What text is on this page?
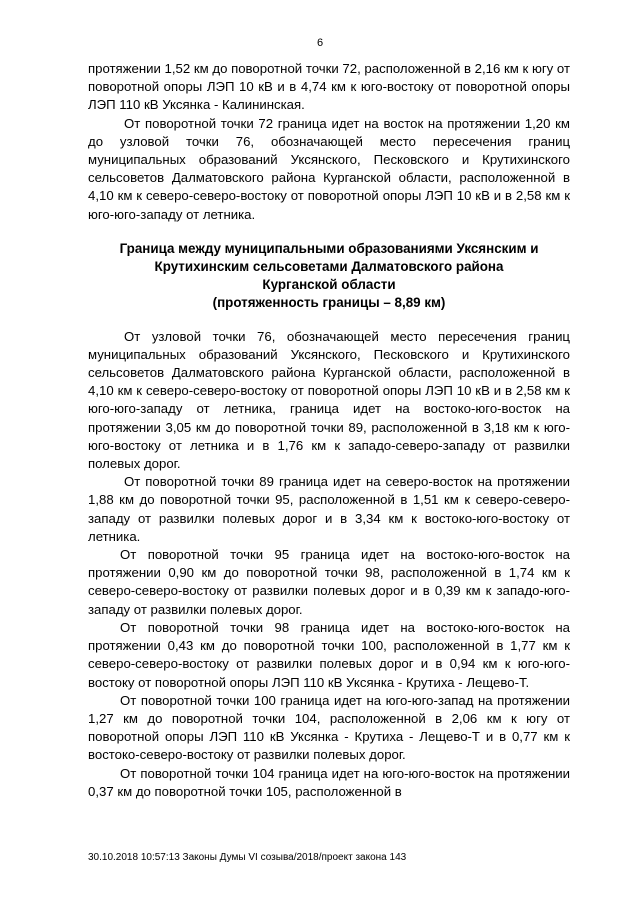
6

протяжении 1,52 км до поворотной точки 72, расположенной в 2,16 км к югу от поворотной опоры ЛЭП 10 кВ и в 4,74 км к юго-востоку от поворотной опоры ЛЭП 110 кВ Уксянка - Калининская.

От поворотной точки 72 граница идет на восток на протяжении 1,20 км до узловой точки 76, обозначающей место пересечения границ муниципальных образований Уксянского, Песковского и Крутихинского сельсоветов Далматовского района Курганской области, расположенной в 4,10 км к северо-северо-востоку от поворотной опоры ЛЭП 10 кВ и в 2,58 км к юго-юго-западу от летника.

Граница между муниципальными образованиями Уксянским и
Крутихинским сельсоветами Далматовского района
Курганской области
(протяженность границы – 8,89 км)

От узловой точки 76, обозначающей место пересечения границ муниципальных образований Уксянского, Песковского и Крутихинского сельсоветов Далматовского района Курганской области, расположенной в 4,10 км к северо-северо-востоку от поворотной опоры ЛЭП 10 кВ и в 2,58 км к юго-юго-западу от летника, граница идет на востоко-юго-восток на протяжении 3,05 км до поворотной точки 89, расположенной в 3,18 км к юго-юго-востоку от летника и в 1,76 км к западо-северо-западу от развилки полевых дорог.

От поворотной точки 89 граница идет на северо-восток на протяжении 1,88 км до поворотной точки 95, расположенной в 1,51 км к северо-северо-западу от развилки полевых дорог и в 3,34 км к востоко-юго-востоку от летника.

От поворотной точки 95 граница идет на востоко-юго-восток на протяжении 0,90 км до поворотной точки 98, расположенной в 1,74 км к северо-северо-востоку от развилки полевых дорог и в 0,39 км к западо-юго-западу от развилки полевых дорог.

От поворотной точки 98 граница идет на востоко-юго-восток на протяжении 0,43 км до поворотной точки 100, расположенной в 1,77 км к северо-северо-востоку от развилки полевых дорог и в 0,94 км к юго-юго-востоку от поворотной опоры ЛЭП 110 кВ Уксянка - Крутиха - Лещево-Т.

От поворотной точки 100 граница идет на юго-юго-запад на протяжении 1,27 км до поворотной точки 104, расположенной в 2,06 км к югу от поворотной опоры ЛЭП 110 кВ Уксянка - Крутиха - Лещево-Т и в 0,77 км к востоко-северо-востоку от развилки полевых дорог.

От поворотной точки 104 граница идет на юго-юго-восток на протяжении 0,37 км до поворотной точки 105, расположенной в

30.10.2018 10:57:13 Законы Думы VI созыва/2018/проект закона 143
